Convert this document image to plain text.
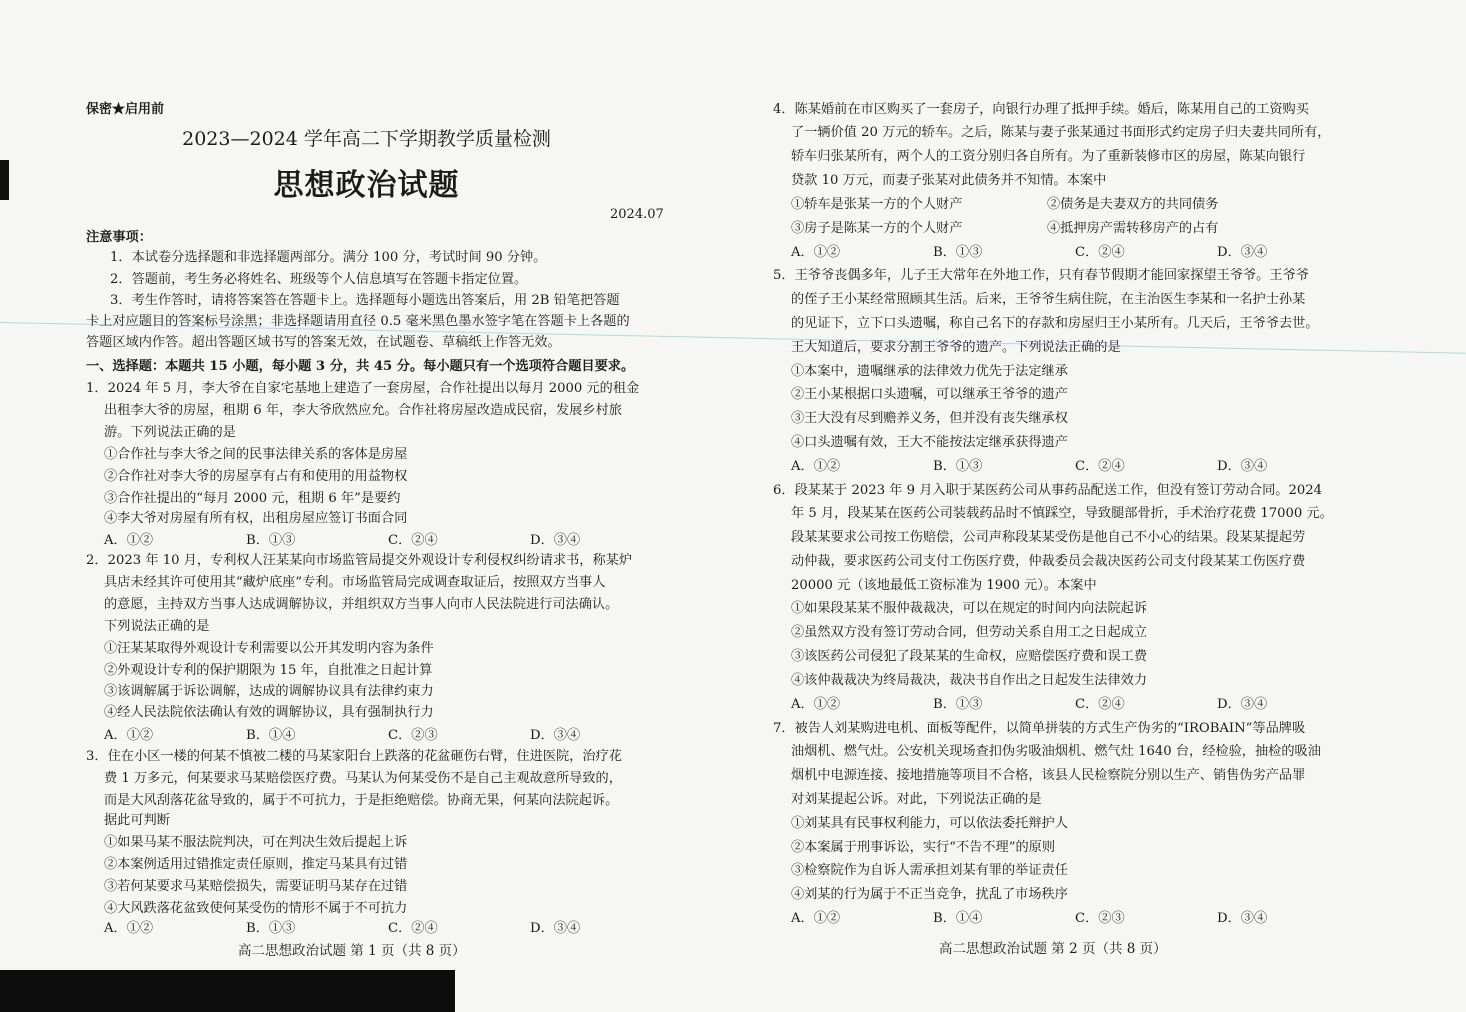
保密★启用前
2023—2024 学年高二下学期教学质量检测
思想政治试题
2024.07
注意事项：
1．本试卷分选择题和非选择题两部分。满分 100 分，考试时间 90 分钟。
2．答题前，考生务必将姓名、班级等个人信息填写在答题卡指定位置。
3．考生作答时，请将答案答在答题卡上。选择题每小题选出答案后，用 2B 铅笔把答题
卡上对应题目的答案标号涂黑；非选择题请用直径 0.5 毫米黑色墨水签字笔在答题卡上各题的
答题区域内作答。超出答题区域书写的答案无效，在试题卷、草稿纸上作答无效。
一、选择题：本题共 15 小题，每小题 3 分，共 45 分。每小题只有一个选项符合题目要求。
1．2024 年 5 月，李大爷在自家宅基地上建造了一套房屋，合作社提出以每月 2000 元的租金
出租李大爷的房屋，租期 6 年，李大爷欣然应允。合作社将房屋改造成民宿，发展乡村旅
游。下列说法正确的是
①合作社与李大爷之间的民事法律关系的客体是房屋
②合作社对李大爷的房屋享有占有和使用的用益物权
③合作社提出的“每月 2000 元，租期 6 年”是要约
④李大爷对房屋有所有权，出租房屋应签订书面合同
A．①②	B．①③	C．②④	D．③④
2．2023 年 10 月，专利权人汪某某向市场监管局提交外观设计专利侵权纠纷请求书，称某炉
具店未经其许可使用其“藏炉底座”专利。市场监管局完成调查取证后，按照双方当事人
的意愿，主持双方当事人达成调解协议，并组织双方当事人向市人民法院进行司法确认。
下列说法正确的是
①汪某某取得外观设计专利需要以公开其发明内容为条件
②外观设计专利的保护期限为 15 年，自批准之日起计算
③该调解属于诉讼调解，达成的调解协议具有法律约束力
④经人民法院依法确认有效的调解协议，具有强制执行力
A．①②	B．①④	C．②③	D．③④
3．住在小区一楼的何某不慎被二楼的马某家阳台上跌落的花盆砸伤右臂，住进医院，治疗花
费 1 万多元，何某要求马某赔偿医疗费。马某认为何某受伤不是自己主观故意所导致的，
而是大风刮落花盆导致的，属于不可抗力，于是拒绝赔偿。协商无果，何某向法院起诉。
据此可判断
①如果马某不服法院判决，可在判决生效后提起上诉
②本案例适用过错推定责任原则，推定马某具有过错
③若何某要求马某赔偿损失，需要证明马某存在过错
④大风跌落花盆致使何某受伤的情形不属于不可抗力
A．①②	B．①③	C．②④	D．③④
高二思想政治试题 第 1 页（共 8 页）
4．陈某婚前在市区购买了一套房子，向银行办理了抵押手续。婚后，陈某用自己的工资购买
了一辆价值 20 万元的轿车。之后，陈某与妻子张某通过书面形式约定房子归夫妻共同所有，
轿车归张某所有，两个人的工资分别归各自所有。为了重新装修市区的房屋，陈某向银行
贷款 10 万元，而妻子张某对此债务并不知情。本案中
①轿车是张某一方的个人财产	②债务是夫妻双方的共同债务
③房子是陈某一方的个人财产	④抵押房产需转移房产的占有
A．①②	B．①③	C．②④	D．③④
5．王爷爷丧偶多年，儿子王大常年在外地工作，只有春节假期才能回家探望王爷爷。王爷爷
的侄子王小某经常照顾其生活。后来，王爷爷生病住院，在主治医生李某和一名护士孙某
的见证下，立下口头遗嘱，称自己名下的存款和房屋归王小某所有。几天后，王爷爷去世。
王大知道后，要求分割王爷爷的遗产。下列说法正确的是
①本案中，遗嘱继承的法律效力优先于法定继承
②王小某根据口头遗嘱，可以继承王爷爷的遗产
③王大没有尽到赡养义务，但并没有丧失继承权
④口头遗嘱有效，王大不能按法定继承获得遗产
A．①②	B．①③	C．②④	D．③④
6．段某某于 2023 年 9 月入职于某医药公司从事药品配送工作，但没有签订劳动合同。2024
年 5 月，段某某在医药公司装载药品时不慎踩空，导致腿部骨折，手术治疗花费 17000 元。
段某某要求公司按工伤赔偿，公司声称段某某受伤是他自己不小心的结果。段某某提起劳
动仲裁，要求医药公司支付工伤医疗费，仲裁委员会裁决医药公司支付段某某工伤医疗费
20000 元（该地最低工资标准为 1900 元）。本案中
①如果段某某不服仲裁裁决，可以在规定的时间内向法院起诉
②虽然双方没有签订劳动合同，但劳动关系自用工之日起成立
③该医药公司侵犯了段某某的生命权，应赔偿医疗费和误工费
④该仲裁裁决为终局裁决，裁决书自作出之日起发生法律效力
A．①②	B．①③	C．②④	D．③④
7．被告人刘某购进电机、面板等配件，以简单拼装的方式生产伪劣的“IROBAIN”等品牌吸
油烟机、燃气灶。公安机关现场查扣伪劣吸油烟机、燃气灶 1640 台，经检验，抽检的吸油
烟机中电源连接、接地措施等项目不合格，该县人民检察院分别以生产、销售伪劣产品罪
对刘某提起公诉。对此，下列说法正确的是
①刘某具有民事权利能力，可以依法委托辩护人
②本案属于刑事诉讼，实行“不告不理”的原则
③检察院作为自诉人需承担刘某有罪的举证责任
④刘某的行为属于不正当竞争，扰乱了市场秩序
A．①②	B．①④	C．②③	D．③④
高二思想政治试题 第 2 页（共 8 页）
